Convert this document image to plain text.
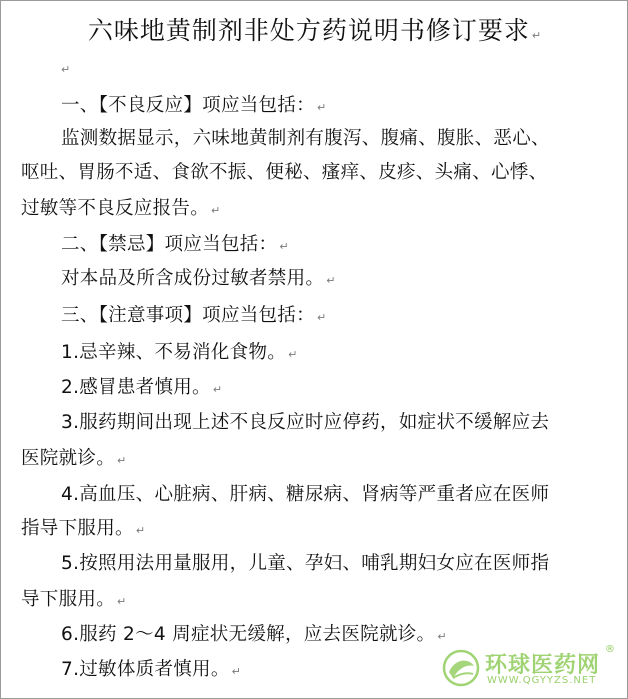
六味地黄制剂非处方药说明书修订要求 ↵
↵
一、【不良反应】项应当包括： ↵
监测数据显示，六味地黄制剂有腹泻、腹痛、腹胀、恶心、
呕吐、胃肠不适、食欲不振、便秘、瘙痒、皮疹、头痛、心悸、
过敏等不良反应报告。 ↵
二、【禁忌】项应当包括： ↵
对本品及所含成份过敏者禁用。 ↵
三、【注意事项】项应当包括： ↵
1.忌辛辣、不易消化食物。 ↵
2.感冒患者慎用。 ↵
3.服药期间出现上述不良反应时应停药，如症状不缓解应去
医院就诊。 ↵
4.高血压、心脏病、肝病、糖尿病、肾病等严重者应在医师
指导下服用。 ↵
5.按照用法用量服用，儿童、孕妇、哺乳期妇女应在医师指
导下服用。 ↵
6.服药 2～4 周症状无缓解，应去医院就诊。 ↵
7.过敏体质者慎用。 ↵	环球医药网
®
WWW.QGYYZS.NET
